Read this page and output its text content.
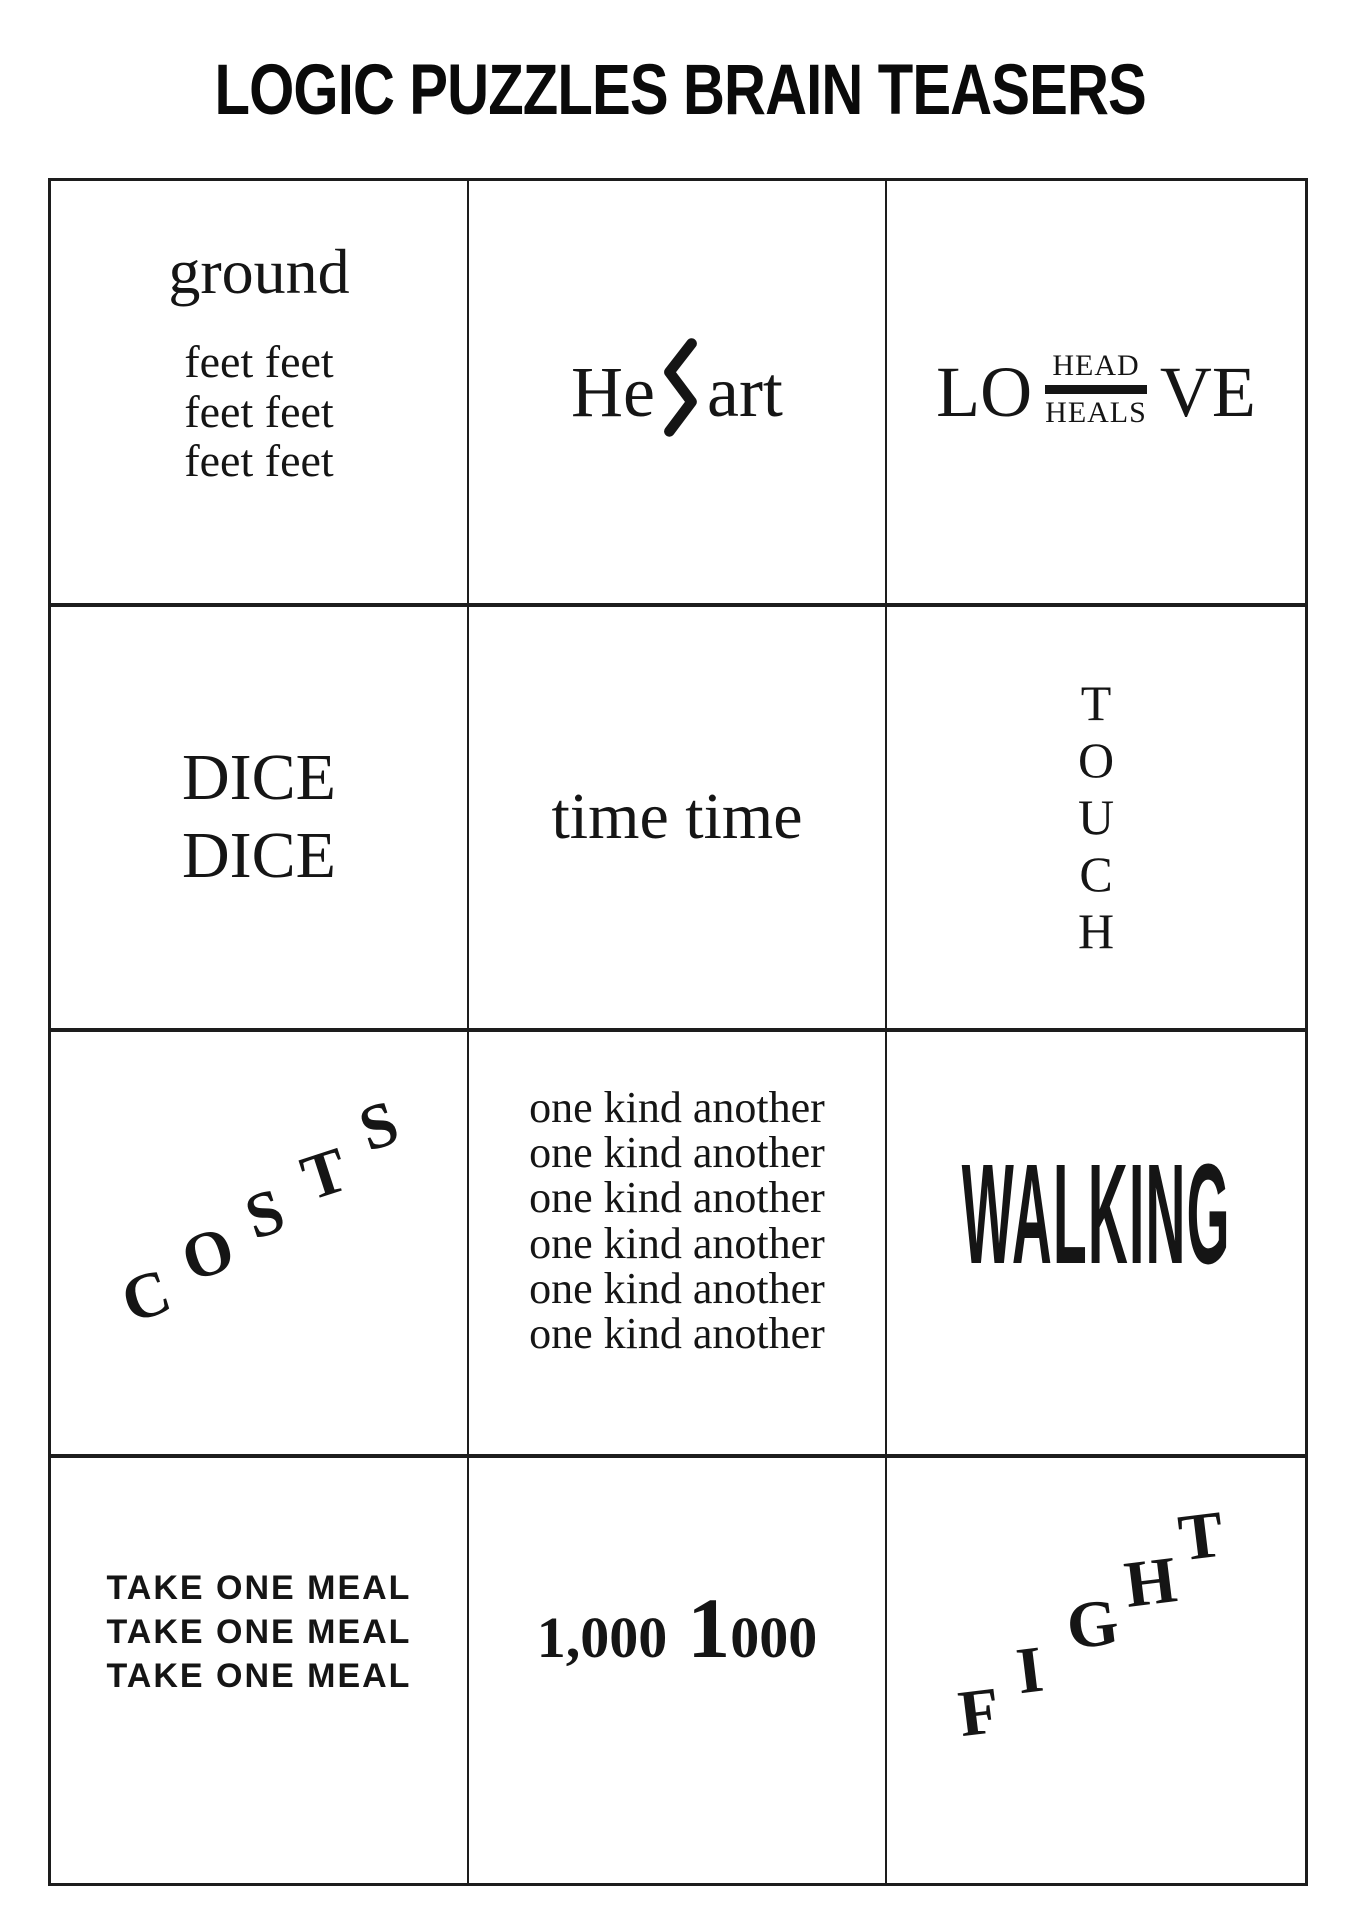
LOGIC PUZZLES BRAIN TEASERS
ground
feet feet
feet feet
feet feet
He art LO HEAD
HEALS VE
DICE
DICE
time time
T
O
U
C
H
C
O
S T
S	one kind another
one kind another
one kind another
one kind another
one kind another
one kind another
WALKING
TAKE ONE MEAL
TAKE ONE MEAL
TAKE ONE MEAL
1,000 1 000
F
I
G
H
T
